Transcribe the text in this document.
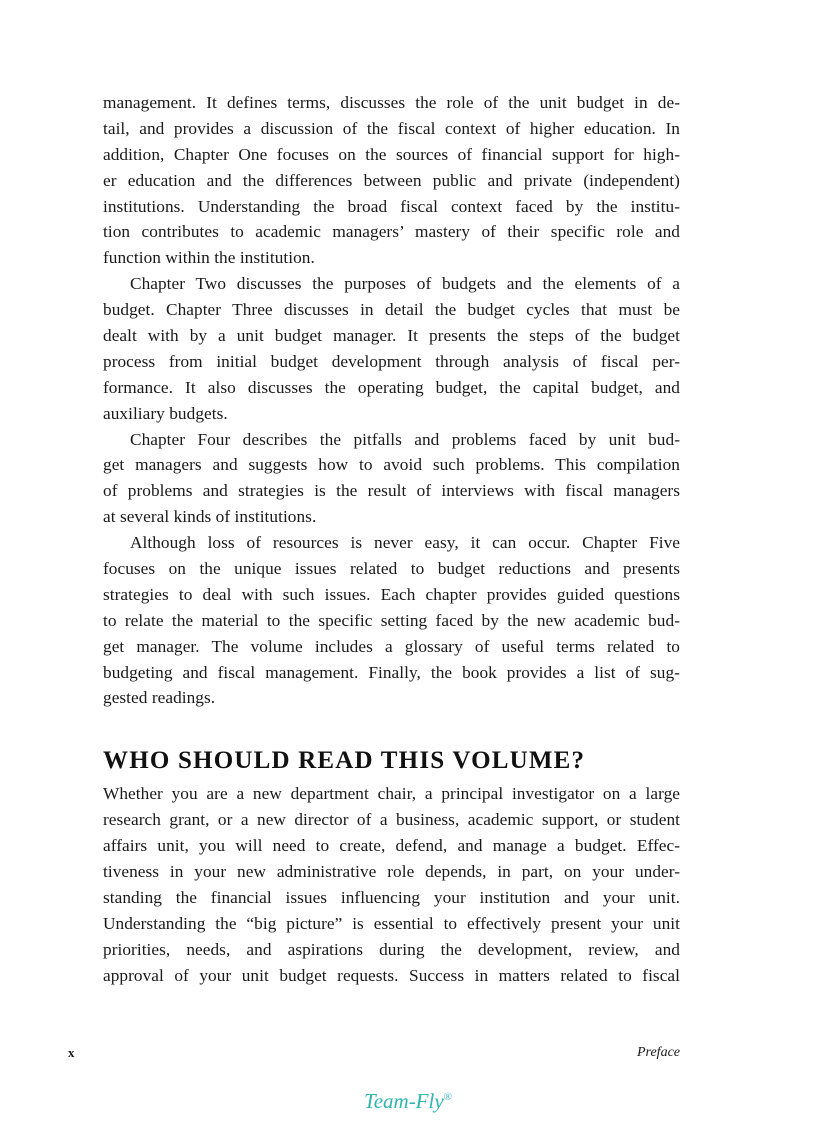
management. It defines terms, discusses the role of the unit budget in de-
tail, and provides a discussion of the fiscal context of higher education. In
addition, Chapter One focuses on the sources of financial support for high-
er education and the differences between public and private (independent)
institutions. Understanding the broad fiscal context faced by the institu-
tion contributes to academic managers’ mastery of their specific role and
function within the institution.
Chapter Two discusses the purposes of budgets and the elements of a
budget. Chapter Three discusses in detail the budget cycles that must be
dealt with by a unit budget manager. It presents the steps of the budget
process from initial budget development through analysis of fiscal per-
formance. It also discusses the operating budget, the capital budget, and
auxiliary budgets.
Chapter Four describes the pitfalls and problems faced by unit bud-
get managers and suggests how to avoid such problems. This compilation
of problems and strategies is the result of interviews with fiscal managers
at several kinds of institutions.
Although loss of resources is never easy, it can occur. Chapter Five
focuses on the unique issues related to budget reductions and presents
strategies to deal with such issues. Each chapter provides guided questions
to relate the material to the specific setting faced by the new academic bud-
get manager. The volume includes a glossary of useful terms related to
budgeting and fiscal management. Finally, the book provides a list of sug-
gested readings.
WHO SHOULD READ THIS VOLUME?
Whether you are a new department chair, a principal investigator on a large
research grant, or a new director of a business, academic support, or student
affairs unit, you will need to create, defend, and manage a budget. Effec-
tiveness in your new administrative role depends, in part, on your under-
standing the financial issues influencing your institution and your unit.
Understanding the “big picture” is essential to effectively present your unit
priorities, needs, and aspirations during the development, review, and
approval of your unit budget requests. Success in matters related to fiscal
x	Preface
Team-Fly®
